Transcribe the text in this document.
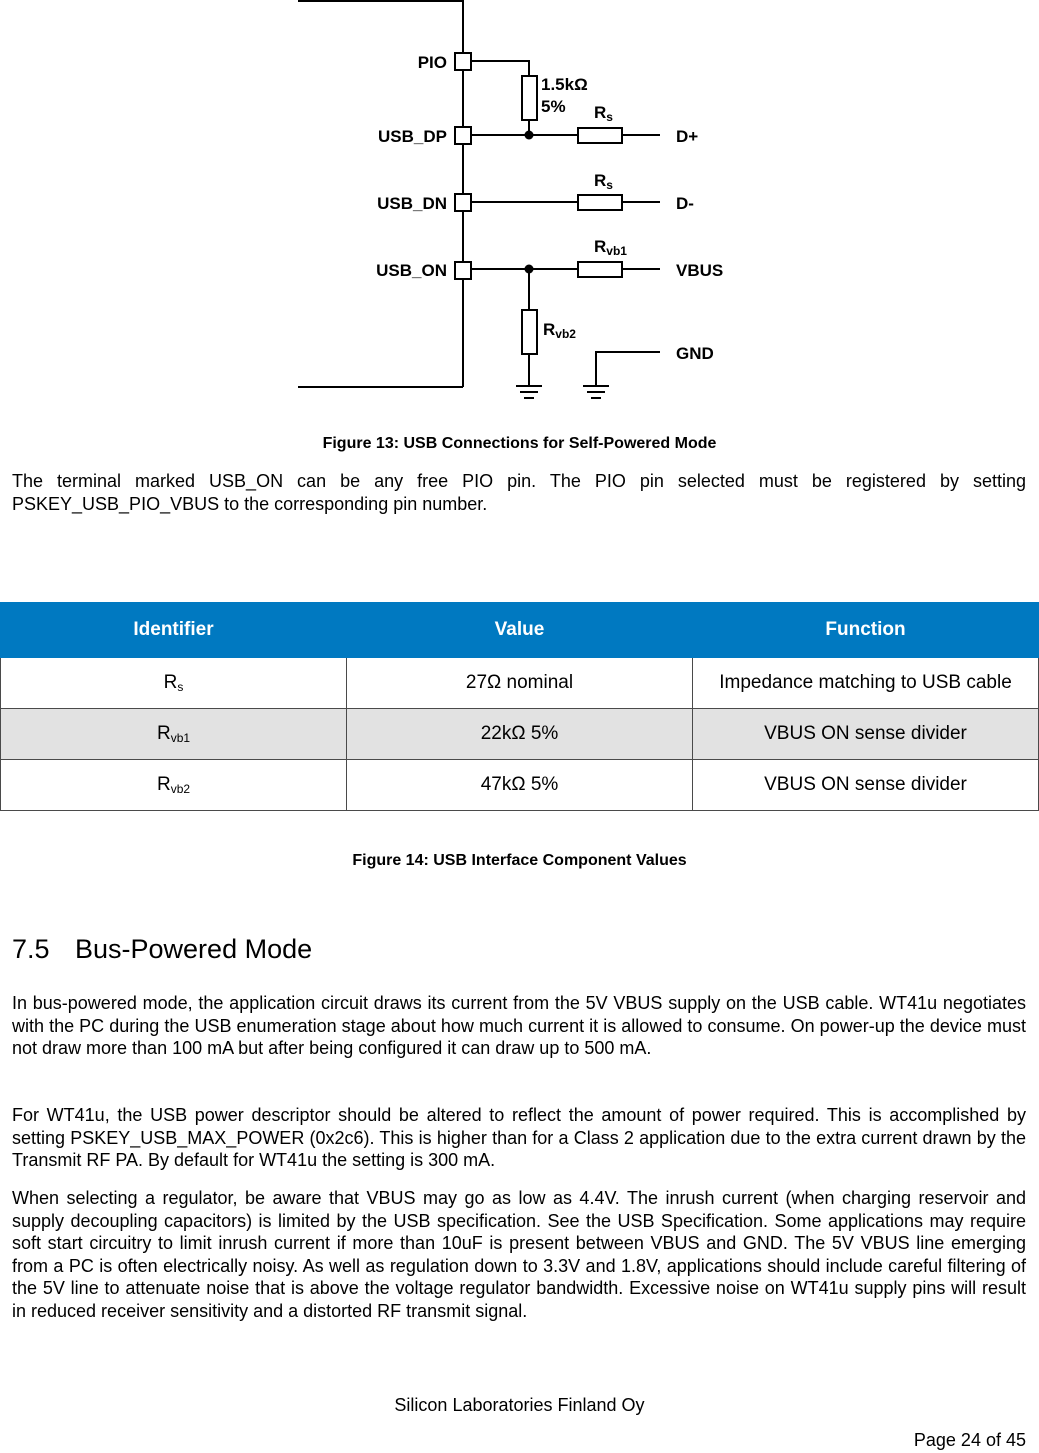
PIO
USB_DP
USB_DN
USB_ON
1.5kΩ
5% Rs
Rs
Rvb1
Rvb2
D+
D-
VBUS
GND
Figure 13: USB Connections for Self-Powered Mode
The terminal marked USB_ON can be any free PIO pin. The PIO pin selected must be registered by setting PSKEY_USB_PIO_VBUS to the corresponding pin number.
Identifier	Value	Function
$R_s$	27Ω nominal	Impedance matching to USB cable
$R_{vb1}$	22kΩ 5%	VBUS ON sense divider
$R_{vb2}$	47kΩ 5%	VBUS ON sense divider
Figure 14: USB Interface Component Values
7.5 Bus-Powered Mode
In bus-powered mode, the application circuit draws its current from the 5V VBUS supply on the USB cable. WT41u negotiates with the PC during the USB enumeration stage about how much current it is allowed to consume. On power-up the device must not draw more than 100 mA but after being configured it can draw up to 500 mA.
For WT41u, the USB power descriptor should be altered to reflect the amount of power required. This is accomplished by setting PSKEY_USB_MAX_POWER (0x2c6). This is higher than for a Class 2 application due to the extra current drawn by the Transmit RF PA. By default for WT41u the setting is 300 mA.
When selecting a regulator, be aware that VBUS may go as low as 4.4V. The inrush current (when charging reservoir and supply decoupling capacitors) is limited by the USB specification. See the USB Specification. Some applications may require soft start circuitry to limit inrush current if more than 10uF is present between VBUS and GND. The 5V VBUS line emerging from a PC is often electrically noisy. As well as regulation down to 3.3V and 1.8V, applications should include careful filtering of the 5V line to attenuate noise that is above the voltage regulator bandwidth. Excessive noise on WT41u supply pins will result in reduced receiver sensitivity and a distorted RF transmit signal.
Silicon Laboratories Finland Oy
Page 24 of 45
